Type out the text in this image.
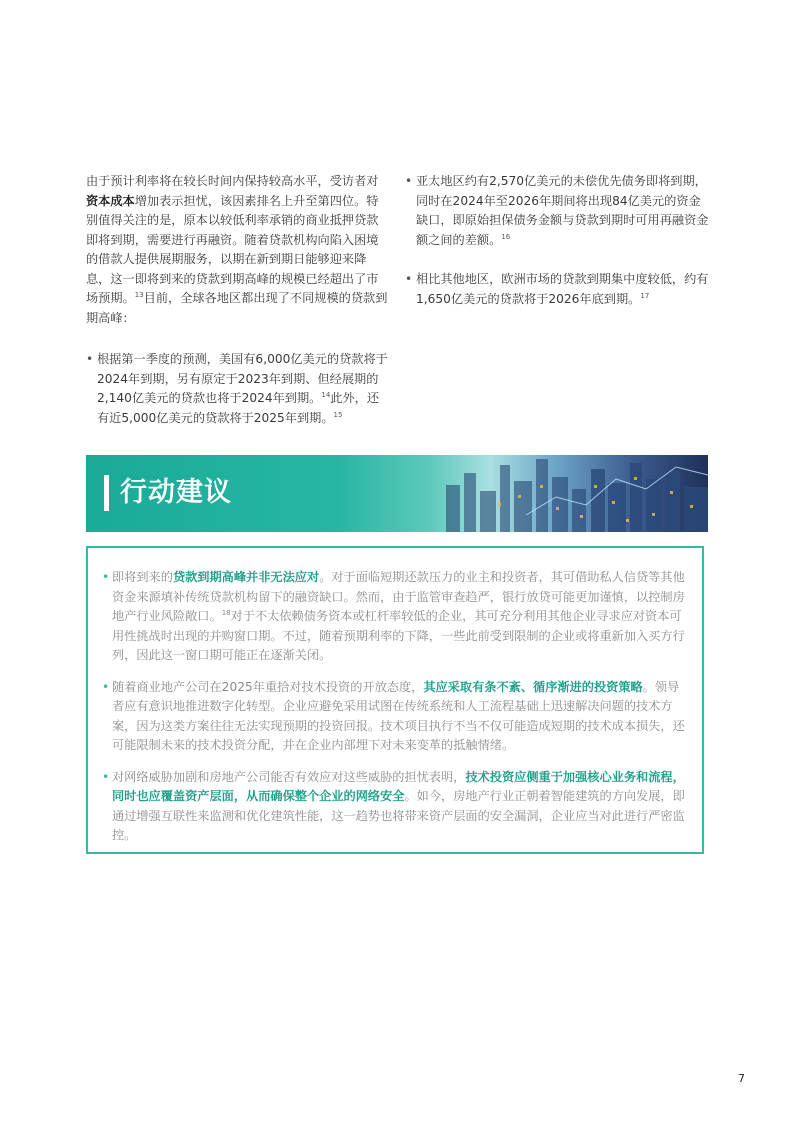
由于预计利率将在较长时间内保持较高水平，受访者对资本成本增加表示担忧，该因素排名上升至第四位。特别值得关注的是，原本以较低利率承销的商业抵押贷款即将到期，需要进行再融资。随着贷款机构向陷入困境的借款人提供展期服务，以期在新到期日能够迎来降息，这一即将到来的贷款到期高峰的规模已经超出了市场预期。$^{13}$目前，全球各地区都出现了不同规模的贷款到期高峰：

• 根据第一季度的预测，美国有6,000亿美元的贷款将于2024年到期，另有原定于2023年到期、但经展期的2,140亿美元的贷款也将于2024年到期。$^{14}$此外，还有近5,000亿美元的贷款将于2025年到期。$^{15}$
• 亚太地区约有2,570亿美元的未偿优先债务即将到期，同时在2024年至2026年期间将出现84亿美元的资金缺口，即原始担保债务金额与贷款到期时可用再融资金额之间的差额。$^{16}$
• 相比其他地区，欧洲市场的贷款到期集中度较低，约有1,650亿美元的贷款将于2026年底到期。$^{17}$
行动建议
• 即将到来的贷款到期高峰并非无法应对。对于面临短期还款压力的业主和投资者，其可借助私人信贷等其他资金来源填补传统贷款机构留下的融资缺口。然而，由于监管审查趋严，银行放贷可能更加谨慎，以控制房地产行业风险敞口。$^{18}$对于不太依赖债务资本或杠杆率较低的企业，其可充分利用其他企业寻求应对资本可用性挑战时出现的并购窗口期。不过，随着预期利率的下降，一些此前受到限制的企业或将重新加入买方行列，因此这一窗口期可能正在逐渐关闭。
• 随着商业地产公司在2025年重拾对技术投资的开放态度，其应采取有条不紊、循序渐进的投资策略。领导者应有意识地推进数字化转型。企业应避免采用试图在传统系统和人工流程基础上迅速解决问题的技术方案，因为这类方案往往无法实现预期的投资回报。技术项目执行不当不仅可能造成短期的技术成本损失，还可能限制未来的技术投资分配，并在企业内部埋下对未来变革的抵触情绪。
• 对网络威胁加剧和房地产公司能否有效应对这些威胁的担忧表明，技术投资应侧重于加强核心业务和流程，同时也应覆盖资产层面，从而确保整个企业的网络安全。如今，房地产行业正朝着智能建筑的方向发展，即通过增强互联性来监测和优化建筑性能，这一趋势也将带来资产层面的安全漏洞，企业应当对此进行严密监控。
7
